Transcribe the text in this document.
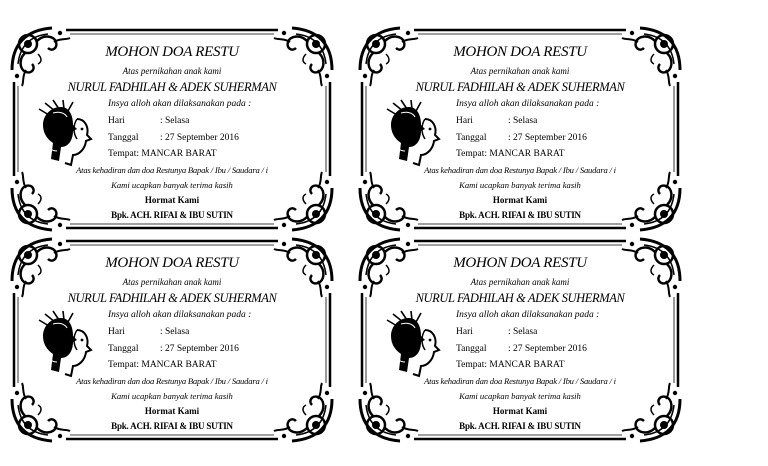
MOHON DOA RESTU
Atas pernikahan anak kami
NURUL FADHILAH & ADEK SUHERMAN
Insya alloh akan dilaksanakan pada :
Hari	: Selasa
Tanggal : 27 September 2016
Tempat: MANCAR BARAT
Atas kehadiran dan doa Restunya Bapak / Ibu / Saudara / i
Kami ucapkan banyak terima kasih
Hormat Kami
Bpk. ACH. RIFAI & IBU SUTIN
MOHON DOA RESTU
Atas pernikahan anak kami
NURUL FADHILAH & ADEK SUHERMAN
Insya alloh akan dilaksanakan pada :
Hari	: Selasa
Tanggal : 27 September 2016
Tempat: MANCAR BARAT
Atas kehadiran dan doa Restunya Bapak / Ibu / Saudara / i
Kami ucapkan banyak terima kasih
Hormat Kami
Bpk. ACH. RIFAI & IBU SUTIN
MOHON DOA RESTU
Atas pernikahan anak kami
NURUL FADHILAH & ADEK SUHERMAN
Insya alloh akan dilaksanakan pada :
Hari	: Selasa
Tanggal : 27 September 2016
Tempat: MANCAR BARAT
Atas kehadiran dan doa Restunya Bapak / Ibu / Saudara / i
Kami ucapkan banyak terima kasih
Hormat Kami
Bpk. ACH. RIFAI & IBU SUTIN
MOHON DOA RESTU
Atas pernikahan anak kami
NURUL FADHILAH & ADEK SUHERMAN
Insya alloh akan dilaksanakan pada :
Hari	: Selasa
Tanggal : 27 September 2016
Tempat: MANCAR BARAT
Atas kehadiran dan doa Restunya Bapak / Ibu / Saudara / i
Kami ucapkan banyak terima kasih
Hormat Kami
Bpk. ACH. RIFAI & IBU SUTIN
